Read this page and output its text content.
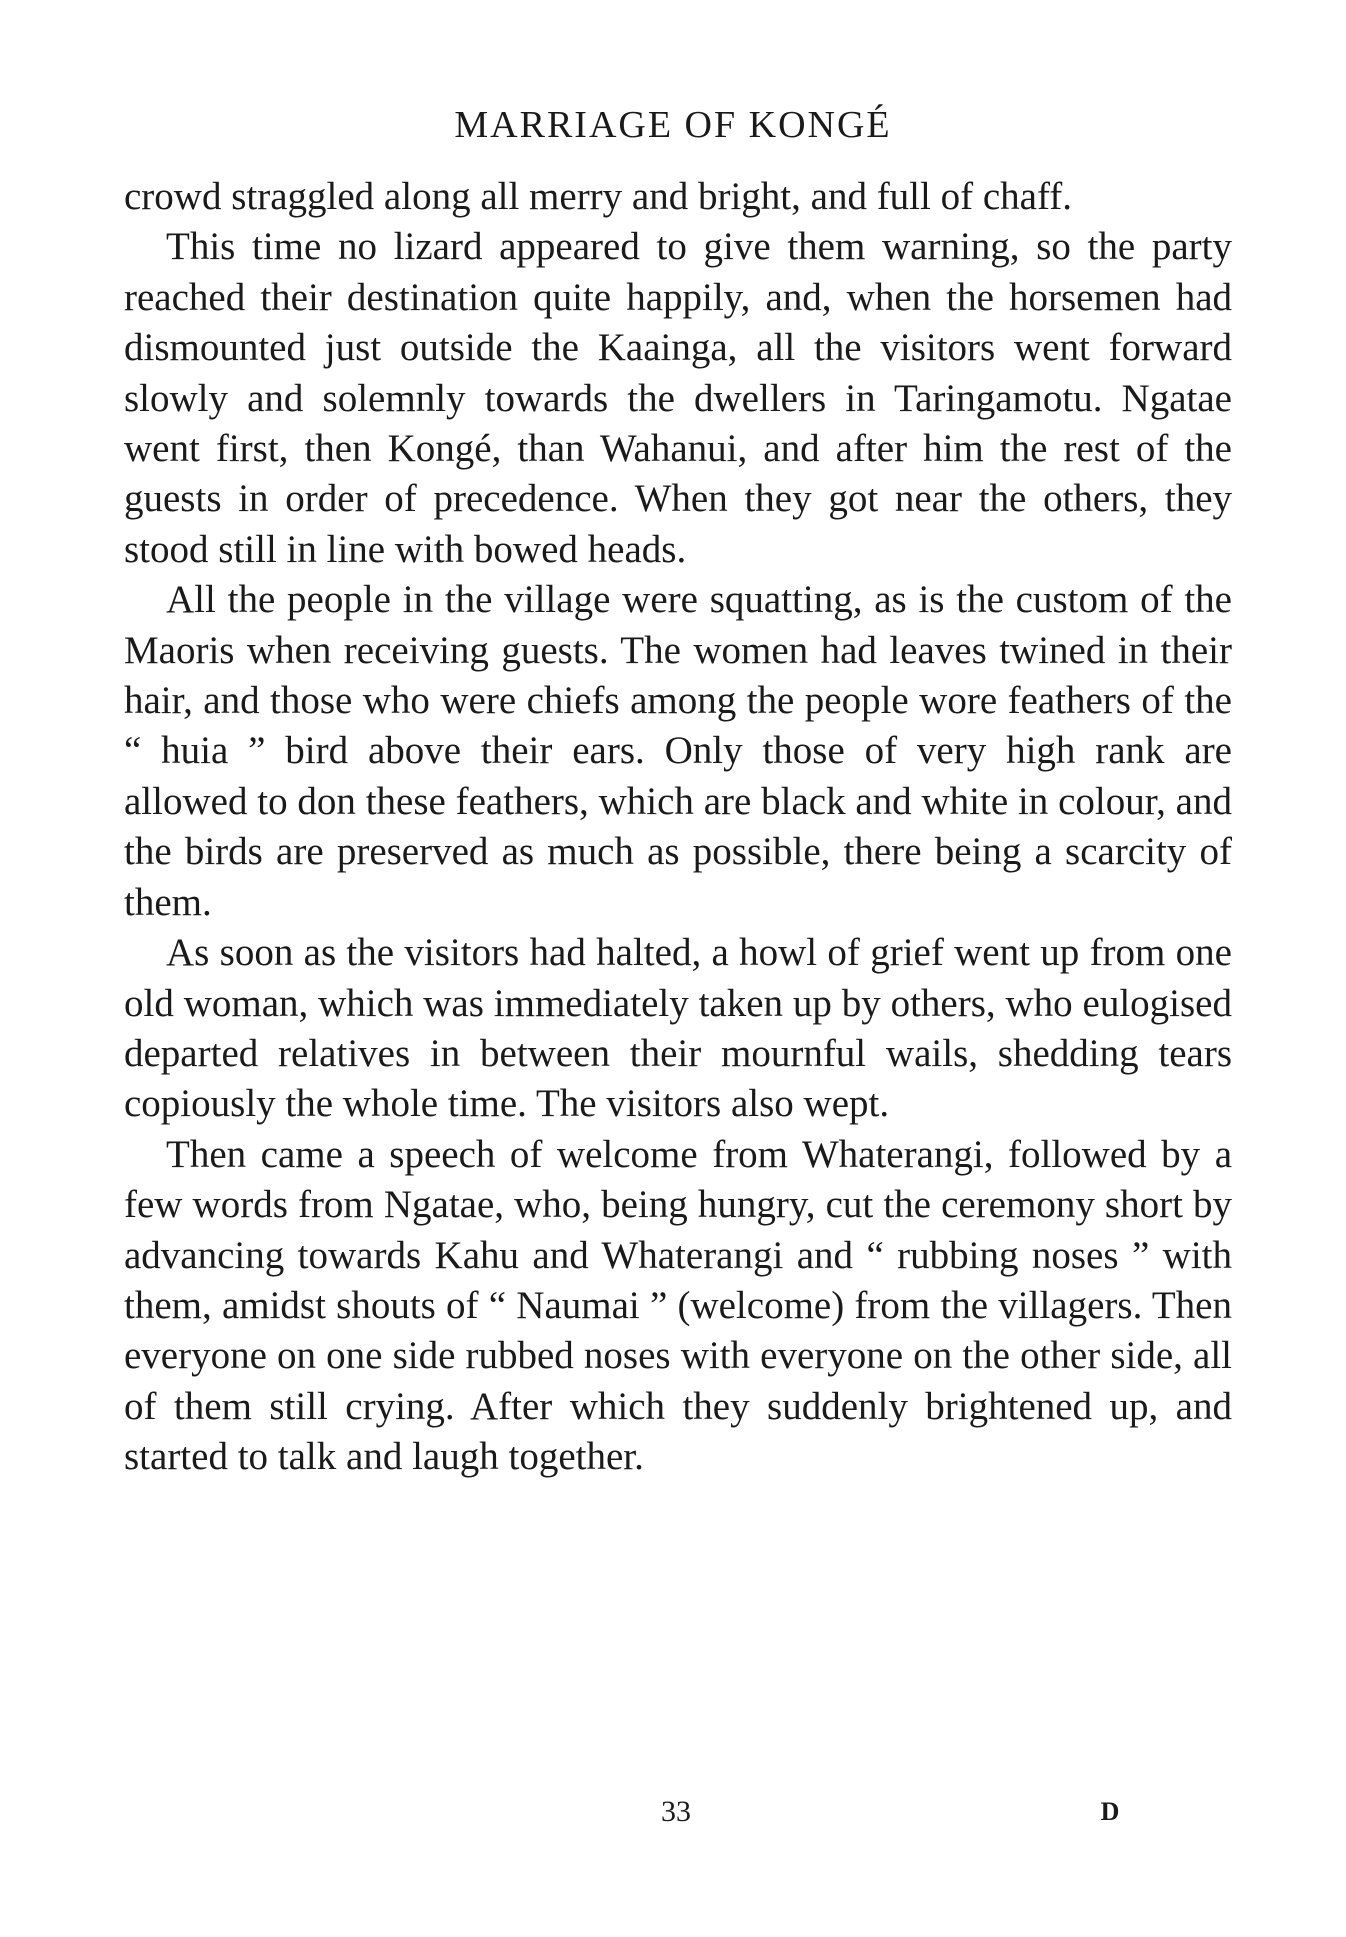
MARRIAGE OF KONGÉ

crowd straggled along all merry and bright, and full of chaff.

This time no lizard appeared to give them warning, so the party reached their destination quite happily, and, when the horsemen had dismounted just outside the Kaainga, all the visitors went forward slowly and solemnly towards the dwellers in Taringamotu. Ngatae went first, then Kongé, than Wahanui, and after him the rest of the guests in order of precedence. When they got near the others, they stood still in line with bowed heads.

All the people in the village were squatting, as is the custom of the Maoris when receiving guests. The women had leaves twined in their hair, and those who were chiefs among the people wore feathers of the “ huia ” bird above their ears. Only those of very high rank are allowed to don these feathers, which are black and white in colour, and the birds are preserved as much as possible, there being a scarcity of them.

As soon as the visitors had halted, a howl of grief went up from one old woman, which was immediately taken up by others, who eulogised departed relatives in between their mournful wails, shedding tears copiously the whole time. The visitors also wept.

Then came a speech of welcome from Whaterangi, followed by a few words from Ngatae, who, being hungry, cut the ceremony short by advancing towards Kahu and Whaterangi and “ rubbing noses ” with them, amidst shouts of “ Naumai ” (welcome) from the villagers. Then everyone on one side rubbed noses with everyone on the other side, all of them still crying. After which they suddenly brightened up, and started to talk and laugh together.

33	D
